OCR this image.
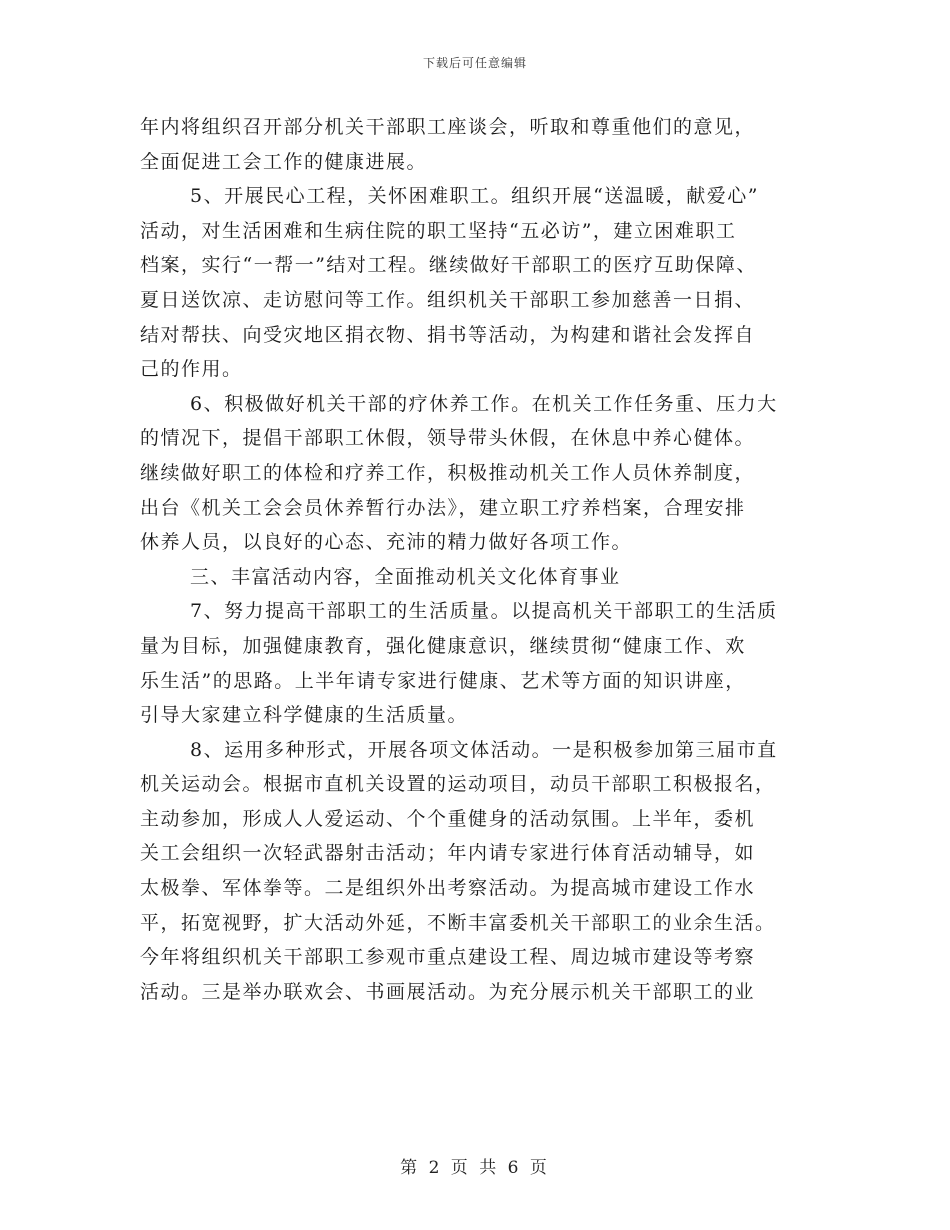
下载后可任意编辑
年内将组织召开部分机关干部职工座谈会，听取和尊重他们的意见，
全面促进工会工作的健康进展。
5、开展民心工程，关怀困难职工。组织开展“送温暖，献爱心”
活动，对生活困难和生病住院的职工坚持“五必访”，建立困难职工
档案，实行“一帮一”结对工程。继续做好干部职工的医疗互助保障、
夏日送饮凉、走访慰问等工作。组织机关干部职工参加慈善一日捐、
结对帮扶、向受灾地区捐衣物、捐书等活动，为构建和谐社会发挥自
己的作用。
6、积极做好机关干部的疗休养工作。在机关工作任务重、压力大
的情况下，提倡干部职工休假，领导带头休假，在休息中养心健体。
继续做好职工的体检和疗养工作，积极推动机关工作人员休养制度，
出台《机关工会会员休养暂行办法》，建立职工疗养档案，合理安排
休养人员，以良好的心态、充沛的精力做好各项工作。
三、丰富活动内容，全面推动机关文化体育事业
7、努力提高干部职工的生活质量。以提高机关干部职工的生活质
量为目标，加强健康教育，强化健康意识，继续贯彻“健康工作、欢
乐生活”的思路。上半年请专家进行健康、艺术等方面的知识讲座，
引导大家建立科学健康的生活质量。
8、运用多种形式，开展各项文体活动。一是积极参加第三届市直
机关运动会。根据市直机关设置的运动项目，动员干部职工积极报名，
主动参加，形成人人爱运动、个个重健身的活动氛围。上半年，委机
关工会组织一次轻武器射击活动；年内请专家进行体育活动辅导，如
太极拳、军体拳等。二是组织外出考察活动。为提高城市建设工作水
平，拓宽视野，扩大活动外延，不断丰富委机关干部职工的业余生活。
今年将组织机关干部职工参观市重点建设工程、周边城市建设等考察
活动。三是举办联欢会、书画展活动。为充分展示机关干部职工的业
第 2 页 共 6 页
